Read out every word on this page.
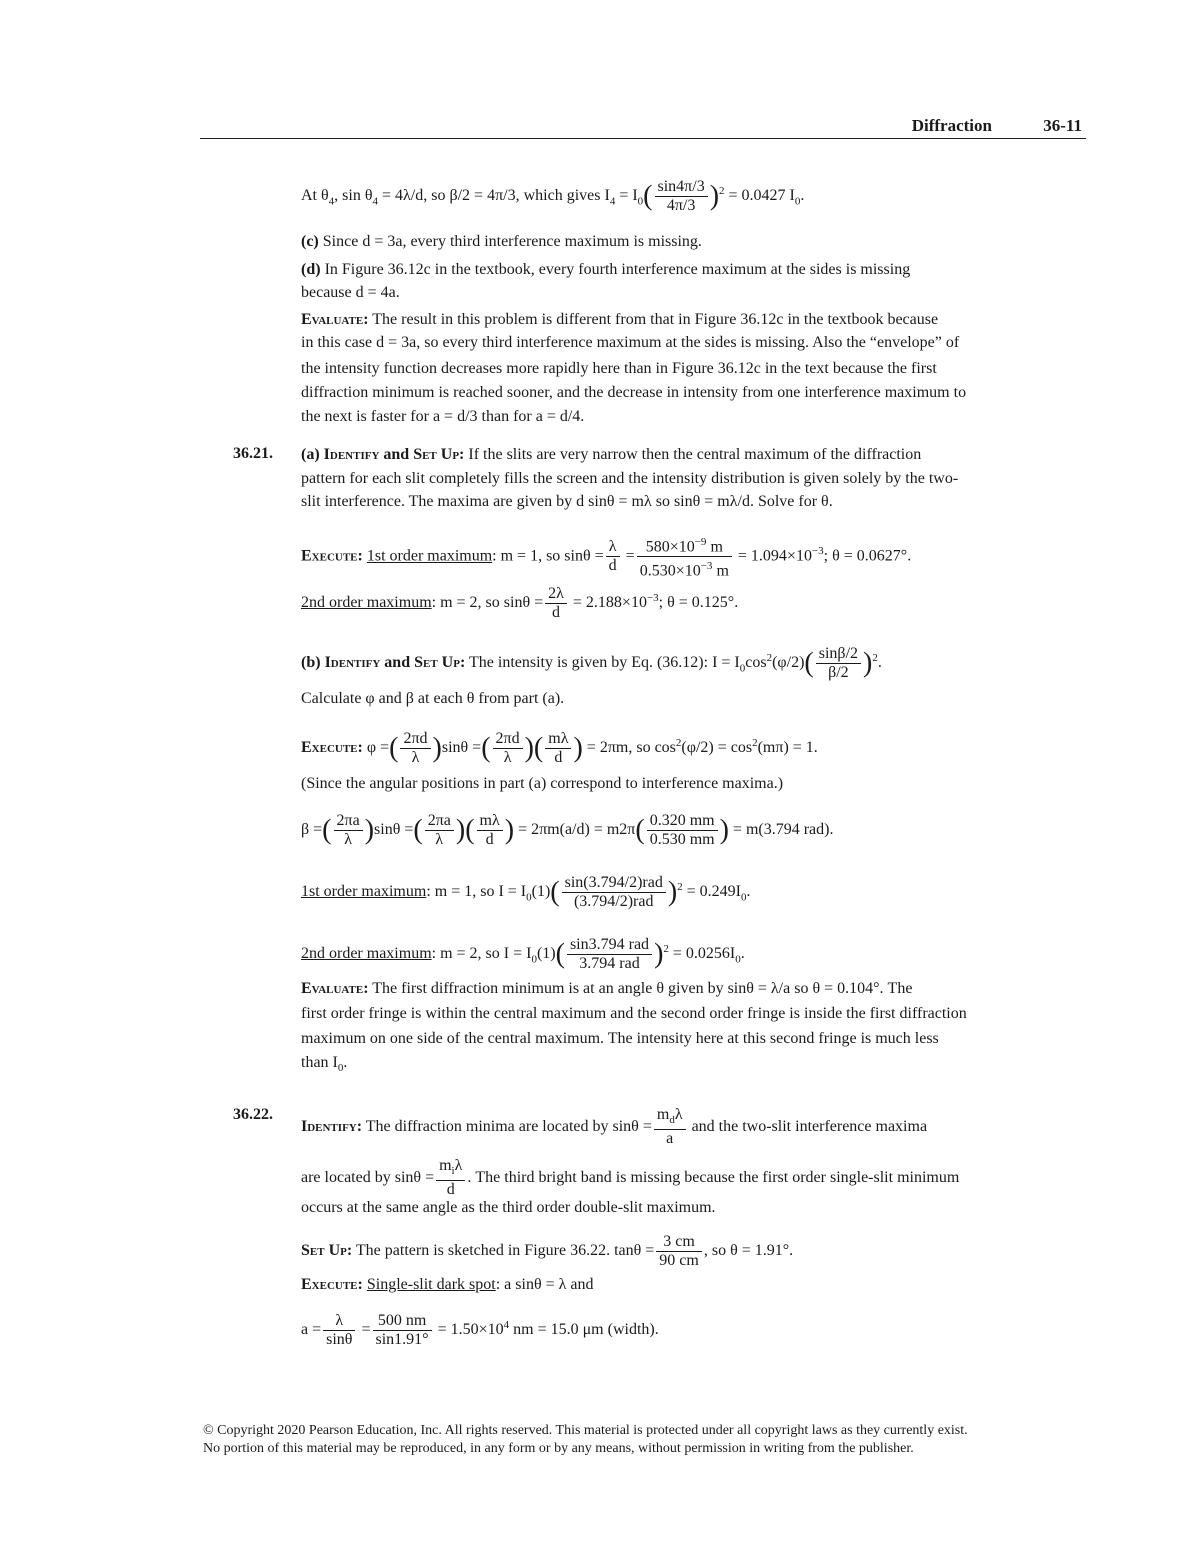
Diffraction	36-11
At $\theta_4$, $\sin \theta_4 = 4\lambda/d$, so β/2 = 4π/3, which gives $I_4 = I_0( \frac{\sin 4\pi/3}{4\pi/3} )^2 = 0.0427$ $I_0$.
(c) Since d = 3a, every third interference maximum is missing.
(d) In Figure 36.12c in the textbook, every fourth interference maximum at the sides is missing
because d = 4a.
Evaluate: The result in this problem is different from that in Figure 36.12c in the textbook because
in this case d = 3a, so every third interference maximum at the sides is missing. Also the “envelope” of
the intensity function decreases more rapidly here than in Figure 36.12c in the text because the first
diffraction minimum is reached sooner, and the decrease in intensity from one interference maximum to
the next is faster for a = d/3 than for a = d/4.
36.21. (a) Identify and Set Up: If the slits are very narrow then the central maximum of the diffraction
pattern for each slit completely fills the screen and the intensity distribution is given solely by the two-
slit interference. The maxima are given by d sinθ = mλ so sinθ = mλ/d. Solve for θ.
Execute: 1st order maximum: m = 1, so $\sin\theta = \frac{\lambda}{d} = \frac{580\times 10^{-9} m}{0.530\times 10^{-3} m} = 1.094\times 10^{-3}$; θ = 0.0627°.
2nd order maximum: m = 2, so $\sin\theta = \frac{2\lambda}{d} = 2.188\times 10^{-3}$; θ = 0.125°.
(b) Identify and Set Up: The intensity is given by Eq. (36.12): $I = I_0\cos^2(\varphi/2)( \frac{\sin\beta/2}{\beta/2} )^2$.
Calculate φ and β at each θ from part (a).
Execute: φ =( $\frac{2\pi d}{\lambda} )\sin\theta$ =( $\frac{2\pi d}{\lambda}$ )( $\frac{m\lambda}{d}$ ) = 2πm, so $\cos^2(\varphi/2) = \cos^2(m\pi) = 1$.
(Since the angular positions in part (a) correspond to interference maxima.)
β =( $\frac{2\pi a}{\lambda} )\sin\theta$ =( $\frac{2\pi a}{\lambda}$ )( $\frac{m\lambda}{d}$ ) = $2\pi m(a/d) = m2\pi( \frac{0.320 mm}{0.530 mm}$ ) = m(3.794 rad).
1st order maximum: m = 1, so $I = I_0(1)( \frac{\text{sin(3.794/2)rad}}{\text{(3.794/2)rad}} )^2 = 0.249I_0$.
2nd order maximum: m = 2, so $I = I_0(1)( \frac{\text{sin3.794 rad}}{\text{3.794 rad}} )^2 = 0.0256I_0$.
Evaluate: The first diffraction minimum is at an angle θ given by sinθ = λ/a so θ = 0.104°. The
first order fringe is within the central maximum and the second order fringe is inside the first diffraction
maximum on one side of the central maximum. The intensity here at this second fringe is much less
than $I_0$.
36.22.
Identify: The diffraction minima are located by $\sin\theta = \frac{m_d\lambda}{a}$ and the two-slit interference maxima
are located by $\sin\theta = \frac{m_i\lambda}{d}$ . The third bright band is missing because the first order single-slit minimum
occurs at the same angle as the third order double-slit maximum.
Set Up: The pattern is sketched in Figure 36.22. $\tan\theta = \frac{3 cm}{90 cm}$ , so θ = 1.91°.
Execute: Single-slit dark spot: a sinθ = λ and
$a = \frac{\lambda}{\sin\theta} = \frac{500 nm}{\sin 1.91^\circ} = 1.50\times 10^4$ nm = 15.0 μm (width).
© Copyright 2020 Pearson Education, Inc. All rights reserved. This material is protected under all copyright laws as they currently exist.
No portion of this material may be reproduced, in any form or by any means, without permission in writing from the publisher.
